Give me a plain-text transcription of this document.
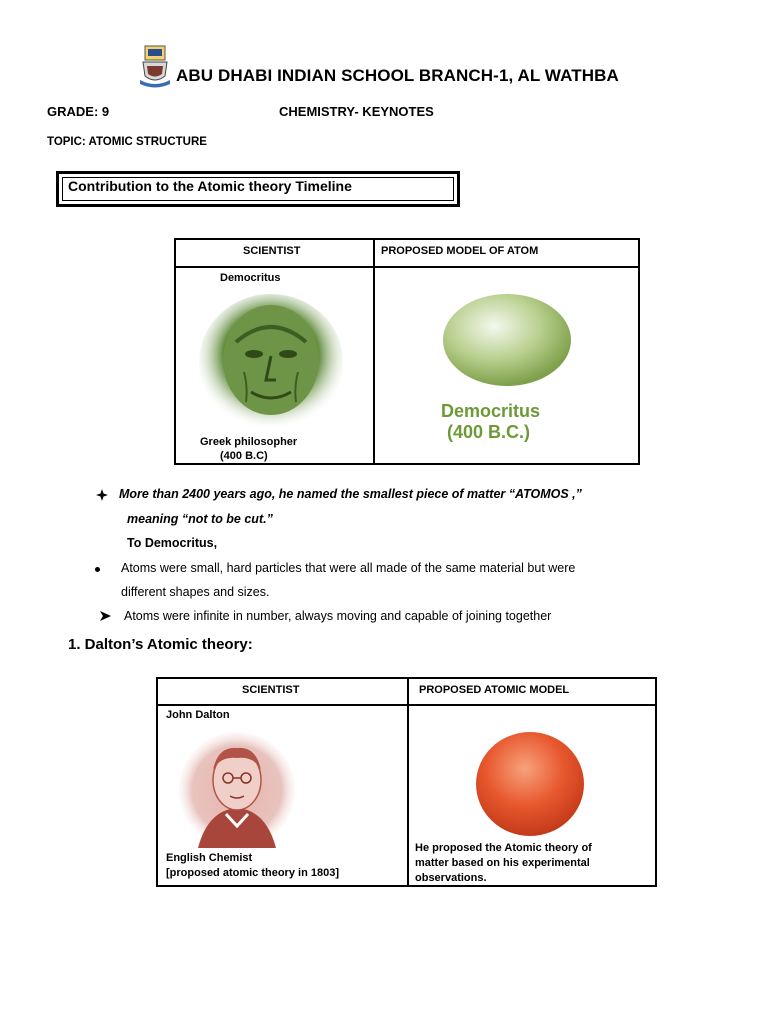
ABU DHABI INDIAN SCHOOL BRANCH-1, AL WATHBA
GRADE: 9	CHEMISTRY- KEYNOTES
TOPIC: ATOMIC STRUCTURE
Contribution to the Atomic theory Timeline
SCIENTIST	PROPOSED MODEL OF ATOM

Democritus
Greek philosopher
(400 B.C)	Democritus
(400 B.C.)
More than 2400 years ago, he named the smallest piece of matter “ATOMOS ,”
meaning “not to be cut.”
To Democritus,
Atoms were small, hard particles that were all made of the same material but were
different shapes and sizes.
Atoms were infinite in number, always moving and capable of joining together
1. Dalton’s Atomic theory:
SCIENTIST	PROPOSED ATOMIC MODEL

John Dalton
English Chemist
[proposed atomic theory in 1803]	He proposed the Atomic theory of
matter based on his experimental
observations.
